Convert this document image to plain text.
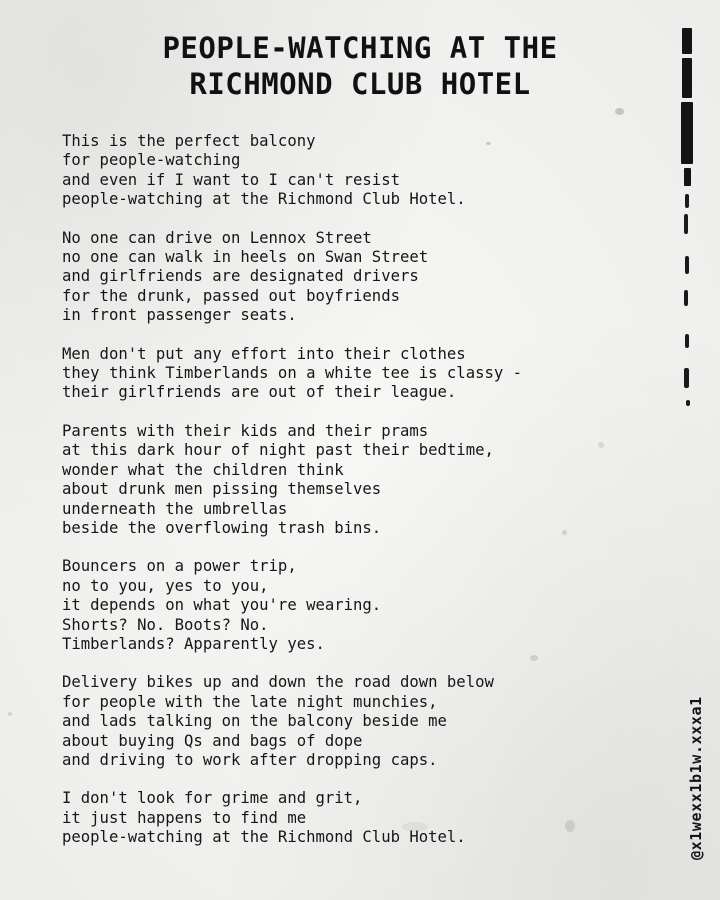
PEOPLE-WATCHING AT THE
RICHMOND CLUB HOTEL
This is the perfect balcony
for people-watching
and even if I want to I can't resist
people-watching at the Richmond Club Hotel.
No one can drive on Lennox Street
no one can walk in heels on Swan Street
and girlfriends are designated drivers
for the drunk, passed out boyfriends
in front passenger seats.
Men don't put any effort into their clothes
they think Timberlands on a white tee is classy -
their girlfriends are out of their league.
Parents with their kids and their prams
at this dark hour of night past their bedtime,
wonder what the children think
about drunk men pissing themselves
underneath the umbrellas
beside the overflowing trash bins.
Bouncers on a power trip,
no to you, yes to you,
it depends on what you're wearing.
Shorts? No. Boots? No.
Timberlands? Apparently yes.
Delivery bikes up and down the road down below
for people with the late night munchies,
and lads talking on the balcony beside me
about buying Qs and bags of dope
and driving to work after dropping caps.
I don't look for grime and grit,
it just happens to find me
people-watching at the Richmond Club Hotel.	@x1wexx1b1w.xxxa1
